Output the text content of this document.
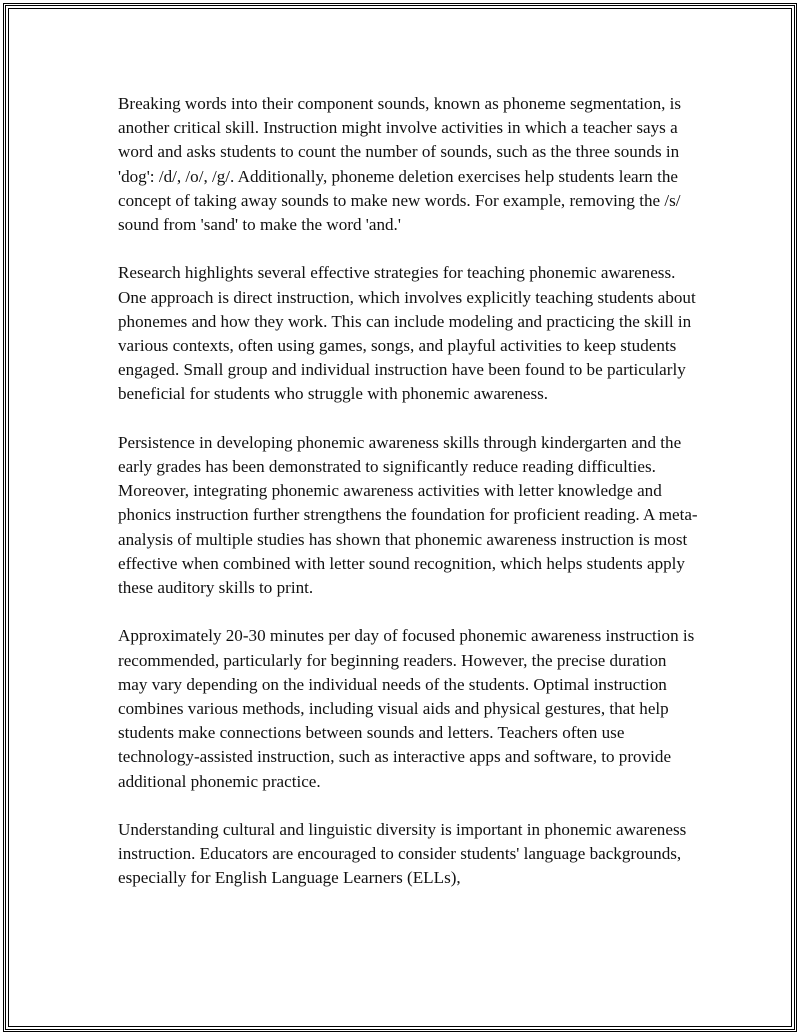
Breaking words into their component sounds, known as phoneme segmentation, is another critical skill. Instruction might involve activities in which a teacher says a word and asks students to count the number of sounds, such as the three sounds in 'dog': /d/, /o/, /g/. Additionally, phoneme deletion exercises help students learn the concept of taking away sounds to make new words. For example, removing the /s/ sound from 'sand' to make the word 'and.'

Research highlights several effective strategies for teaching phonemic awareness. One approach is direct instruction, which involves explicitly teaching students about phonemes and how they work. This can include modeling and practicing the skill in various contexts, often using games, songs, and playful activities to keep students engaged. Small group and individual instruction have been found to be particularly beneficial for students who struggle with phonemic awareness.

Persistence in developing phonemic awareness skills through kindergarten and the early grades has been demonstrated to significantly reduce reading difficulties. Moreover, integrating phonemic awareness activities with letter knowledge and phonics instruction further strengthens the foundation for proficient reading. A meta-analysis of multiple studies has shown that phonemic awareness instruction is most effective when combined with letter sound recognition, which helps students apply these auditory skills to print.

Approximately 20-30 minutes per day of focused phonemic awareness instruction is recommended, particularly for beginning readers. However, the precise duration may vary depending on the individual needs of the students. Optimal instruction combines various methods, including visual aids and physical gestures, that help students make connections between sounds and letters. Teachers often use technology-assisted instruction, such as interactive apps and software, to provide additional phonemic practice.

Understanding cultural and linguistic diversity is important in phonemic awareness instruction. Educators are encouraged to consider students' language backgrounds, especially for English Language Learners (ELLs),
